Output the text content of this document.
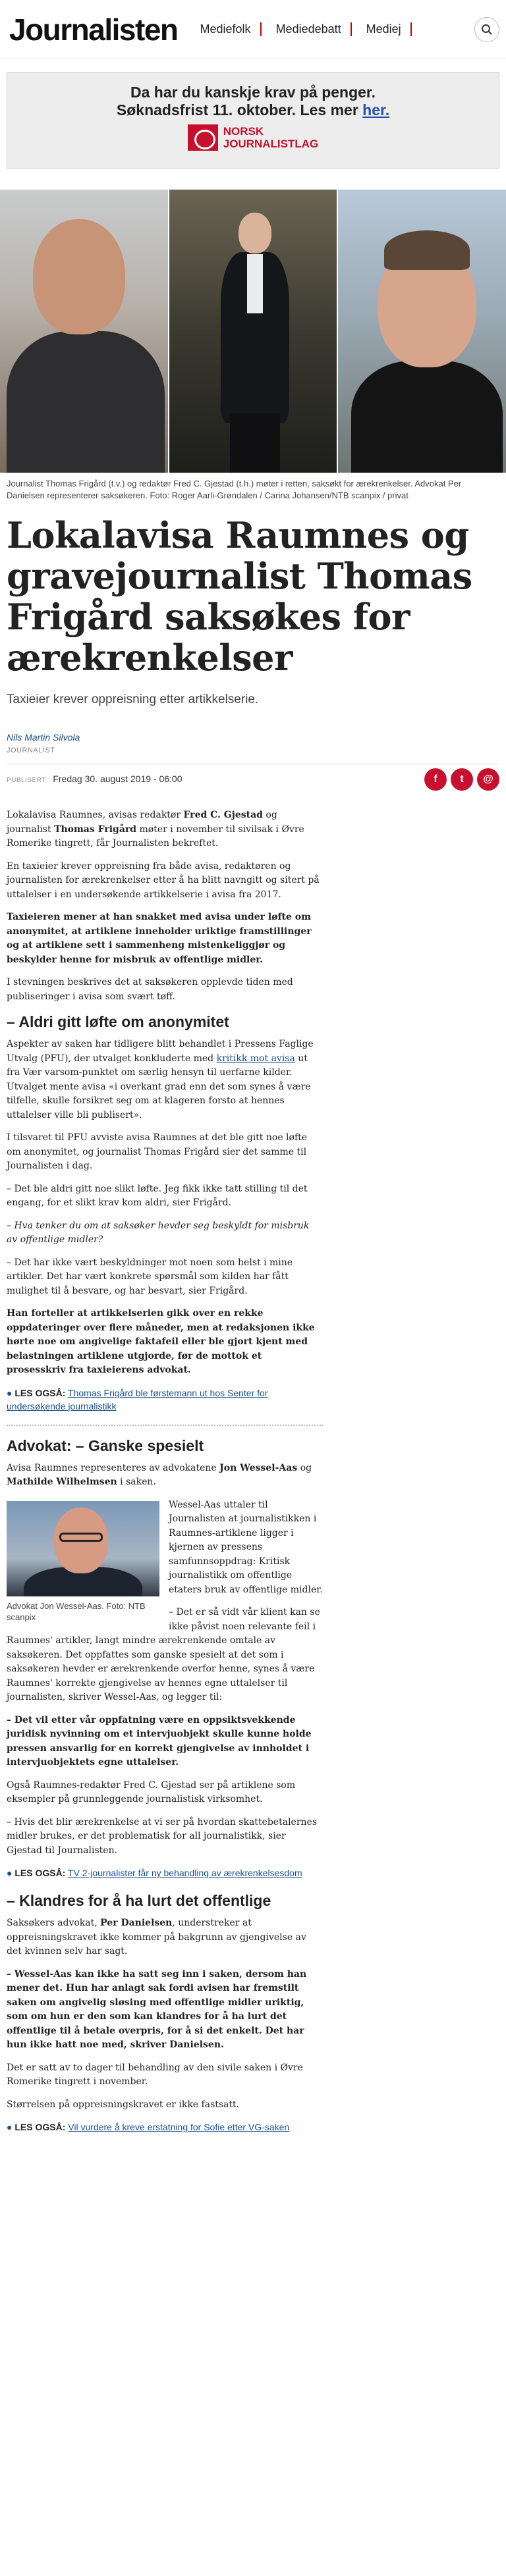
Journalisten Mediefolk	Mediedebatt	Mediej
Da har du kanskje krav på penger.
Søknadsfrist 11. oktober. Les mer her.
NORSK
JOURNALISTLAG
Journalist Thomas Frigård (t.v.) og redaktør Fred C. Gjestad (t.h.) møter i retten, saksøkt for ærekrenkelser. Advokat Per Danielsen representerer saksøkeren. Foto: Roger Aarli-Grøndalen / Carina Johansen/NTB scanpix / privat
Lokalavisa Raumnes og gravejournalist Thomas Frigård saksøkes for ærekrenkelser
Taxieier krever oppreisning etter artikkelserie.
Nils Martin Silvola
JOURNALIST
PUBLISERT Fredag 30. august 2019 - 06:00	f	t	@

Lokalavisa Raumnes, avisas redaktør Fred C. Gjestad og journalist Thomas Frigård møter i november til sivilsak i Øvre Romerike tingrett, får Journalisten bekreftet.

En taxieier krever oppreisning fra både avisa, redaktøren og journalisten for ærekrenkelser etter å ha blitt navngitt og sitert på uttalelser i en undersøkende artikkelserie i avisa fra 2017.

Taxieieren mener at han snakket med avisa under løfte om anonymitet, at artiklene inneholder uriktige framstillinger og at artiklene sett i sammenheng mistenkeliggjør og beskylder henne for misbruk av offentlige midler.

I stevningen beskrives det at saksøkeren opplevde tiden med publiseringer i avisa som svært tøff.

– Aldri gitt løfte om anonymitet

Aspekter av saken har tidligere blitt behandlet i Pressens Faglige Utvalg (PFU), der utvalget konkluderte med kritikk mot avisa ut fra Vær varsom-punktet om særlig hensyn til uerfarne kilder. Utvalget mente avisa «i overkant grad enn det som synes å være tilfelle, skulle forsikret seg om at klageren forsto at hennes uttalelser ville bli publisert».

I tilsvaret til PFU avviste avisa Raumnes at det ble gitt noe løfte om anonymitet, og journalist Thomas Frigård sier det samme til Journalisten i dag.

– Det ble aldri gitt noe slikt løfte. Jeg fikk ikke tatt stilling til det engang, for et slikt krav kom aldri, sier Frigård.

– Hva tenker du om at saksøker hevder seg beskyldt for misbruk av offentlige midler?

– Det har ikke vært beskyldninger mot noen som helst i mine artikler. Det har vært konkrete spørsmål som kilden har fått mulighet til å besvare, og har besvart, sier Frigård.

Han forteller at artikkelserien gikk over en rekke oppdateringer over flere måneder, men at redaksjonen ikke hørte noe om angivelige faktafeil eller ble gjort kjent med belastningen artiklene utgjorde, før de mottok et prosesskriv fra taxieierens advokat.

● LES OGSÅ: Thomas Frigård ble førstemann ut hos Senter for undersøkende journalistikk
Advokat: – Ganske spesielt

Avisa Raumnes representeres av advokatene Jon Wessel-Aas og Mathilde Wilhelmsen i saken.

Advokat Jon Wessel-Aas. Foto: NTB scanpix

Wessel-Aas uttaler til Journalisten at journalistikken i Raumnes-artiklene ligger i kjernen av pressens samfunnsoppdrag: Kritisk journalistikk om offentlige etaters bruk av offentlige midler.

– Det er så vidt vår klient kan se ikke påvist noen relevante feil i Raumnes' artikler, langt mindre ærekrenkende omtale av saksøkeren. Det oppfattes som ganske spesielt at det som i saksøkeren hevder er ærekrenkende overfor henne, synes å være Raumnes' korrekte gjengivelse av hennes egne uttalelser til journalisten, skriver Wessel-Aas, og legger til:

– Det vil etter vår oppfatning være en oppsiktsvekkende juridisk nyvinning om et intervjuobjekt skulle kunne holde pressen ansvarlig for en korrekt gjengivelse av innholdet i intervjuobjektets egne uttalelser.

Også Raumnes-redaktør Fred C. Gjestad ser på artiklene som eksempler på grunnleggende journalistisk virksomhet.

– Hvis det blir ærekrenkelse at vi ser på hvordan skattebetalernes midler brukes, er det problematisk for all journalistikk, sier Gjestad til Journalisten.

● LES OGSÅ: TV 2-journalister får ny behandling av ærekrenkelsesdom
– Klandres for å ha lurt det offentlige

Saksøkers advokat, Per Danielsen, understreker at oppreisningskravet ikke kommer på bakgrunn av gjengivelse av det kvinnen selv har sagt.

– Wessel-Aas kan ikke ha satt seg inn i saken, dersom han mener det. Hun har anlagt sak fordi avisen har fremstilt saken om angivelig sløsing med offentlige midler uriktig, som om hun er den som kan klandres for å ha lurt det offentlige til å betale overpris, for å si det enkelt. Det har hun ikke hatt noe med, skriver Danielsen.

Det er satt av to dager til behandling av den sivile saken i Øvre Romerike tingrett i november.

Størrelsen på oppreisningskravet er ikke fastsatt.

● LES OGSÅ: Vil vurdere å kreve erstatning for Sofie etter VG-saken
